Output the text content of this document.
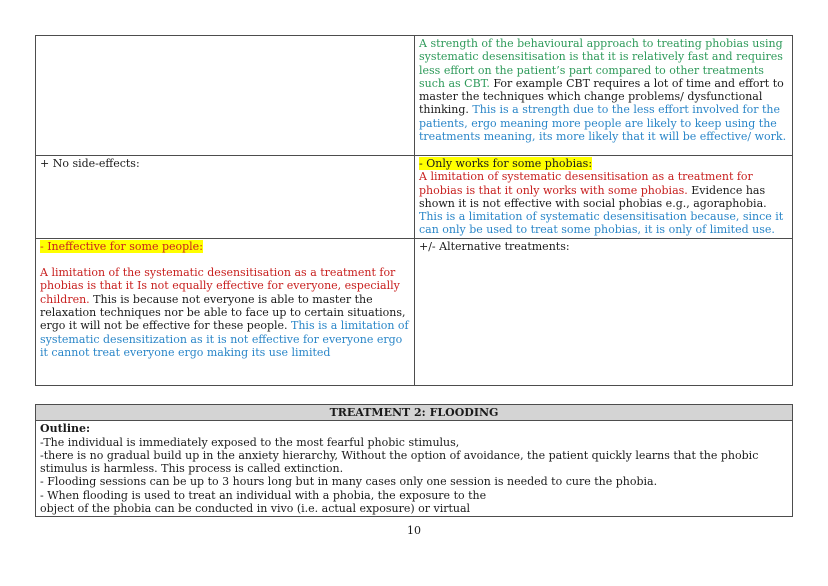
	A strength of the behavioural approach to treating phobias using systematic desensitisation is that it is relatively fast and requires less effort on the patient’s part compared to other treatments such as CBT. For example CBT requires a lot of time and effort to master the techniques which change problems/ dysfunctional thinking. This is a strength due to the less effort involved for the patients, ergo meaning more people are likely to keep using the treatments meaning, its more likely that it will be effective/ work.
+ No side-effects:	- Only works for some phobias:
A limitation of systematic desensitisation as a treatment for phobias is that it only works with some phobias. Evidence has shown it is not effective with social phobias e.g., agoraphobia. This is a limitation of systematic desensitisation because, since it can only be used to treat some phobias, it is only of limited use.
- Ineffective for some people:
A limitation of the systematic desensitisation as a treatment for phobias is that it Is not equally effective for everyone, especially children. This is because not everyone is able to master the relaxation techniques nor be able to face up to certain situations, ergo it will not be effective for these people. This is a limitation of systematic desensitization as it is not effective for everyone ergo it cannot treat everyone ergo making its use limited	+/- Alternative treatments:
TREATMENT 2: FLOODING

Outline:
-The individual is immediately exposed to the most fearful phobic stimulus,
-there is no gradual build up in the anxiety hierarchy, Without the option of avoidance, the patient quickly learns that the phobic stimulus is harmless. This process is called extinction.
- Flooding sessions can be up to 3 hours long but in many cases only one session is needed to cure the phobia.
- When flooding is used to treat an individual with a phobia, the exposure to the
object of the phobia can be conducted in vivo (i.e. actual exposure) or virtual
10
